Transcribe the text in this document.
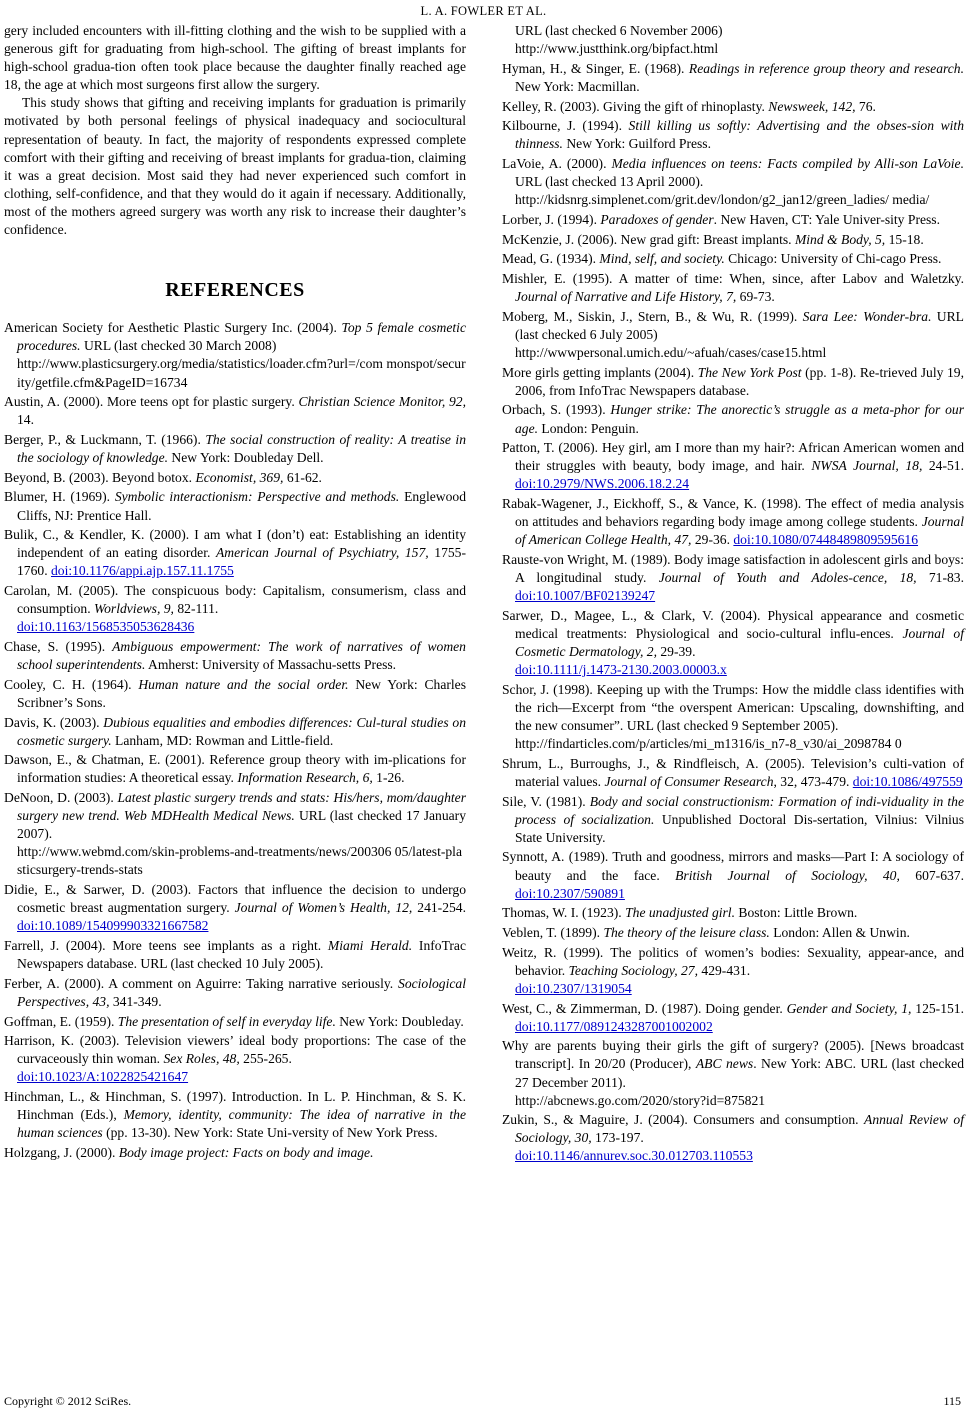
L. A. FOWLER ET AL.

gery included encounters with ill-fitting clothing and the wish to be supplied with a generous gift for graduating from high-school. The gifting of breast implants for high-school gradua-tion often took place because the daughter finally reached age 18, the age at which most surgeons first allow the surgery.

This study shows that gifting and receiving implants for graduation is primarily motivated by both personal feelings of physical inadequacy and sociocultural representation of beauty. In fact, the majority of respondents expressed complete comfort with their gifting and receiving of breast implants for gradua-tion, claiming it was a great decision. Most said they had never experienced such comfort in clothing, self-confidence, and that they would do it again if necessary. Additionally, most of the mothers agreed surgery was worth any risk to increase their daughter’s confidence.

REFERENCES
American Society for Aesthetic Plastic Surgery Inc. (2004). Top 5 female cosmetic procedures. URL (last checked 30 March 2008)
http://www.plasticsurgery.org/media/statistics/loader.cfm?url=/com monspot/security/getfile.cfm&PageID=16734
Austin, A. (2000). More teens opt for plastic surgery. Christian Science Monitor, 92, 14.
Berger, P., & Luckmann, T. (1966). The social construction of reality: A treatise in the sociology of knowledge. New York: Doubleday Dell.
Beyond, B. (2003). Beyond botox. Economist, 369, 61-62.
Blumer, H. (1969). Symbolic interactionism: Perspective and methods. Englewood Cliffs, NJ: Prentice Hall.
Bulik, C., & Kendler, K. (2000). I am what I (don’t) eat: Establishing an identity independent of an eating disorder. American Journal of Psychiatry, 157, 1755-1760. doi:10.1176/appi.ajp.157.11.1755
Carolan, M. (2005). The conspicuous body: Capitalism, consumerism, class and consumption. Worldviews, 9, 82-111.
doi:10.1163/1568535053628436
Chase, S. (1995). Ambiguous empowerment: The work of narratives of women school superintendents. Amherst: University of Massachu-setts Press.
Cooley, C. H. (1964). Human nature and the social order. New York: Charles Scribner’s Sons.
Davis, K. (2003). Dubious equalities and embodies differences: Cul-tural studies on cosmetic surgery. Lanham, MD: Rowman and Little-field.
Dawson, E., & Chatman, E. (2001). Reference group theory with im-plications for information studies: A theoretical essay. Information Research, 6, 1-26.
DeNoon, D. (2003). Latest plastic surgery trends and stats: His/hers, mom/daughter surgery new trend. Web MDHealth Medical News. URL (last checked 17 January 2007).
http://www.webmd.com/skin-problems-and-treatments/news/200306 05/latest-plasticsurgery-trends-stats
Didie, E., & Sarwer, D. (2003). Factors that influence the decision to undergo cosmetic breast augmentation surgery. Journal of Women’s Health, 12, 241-254. doi:10.1089/154099903321667582
Farrell, J. (2004). More teens see implants as a right. Miami Herald. InfoTrac Newspapers database. URL (last checked 10 July 2005).
Ferber, A. (2000). A comment on Aguirre: Taking narrative seriously. Sociological Perspectives, 43, 341-349.
Goffman, E. (1959). The presentation of self in everyday life. New York: Doubleday.
Harrison, K. (2003). Television viewers’ ideal body proportions: The case of the curvaceously thin woman. Sex Roles, 48, 255-265.
doi:10.1023/A:1022825421647
Hinchman, L., & Hinchman, S. (1997). Introduction. In L. P. Hinchman, & S. K. Hinchman (Eds.), Memory, identity, community: The idea of narrative in the human sciences (pp. 13-30). New York: State Uni-versity of New York Press.
Holzgang, J. (2000). Body image project: Facts on body and image.
URL (last checked 6 November 2006)
http://www.justthink.org/bipfact.html
Hyman, H., & Singer, E. (1968). Readings in reference group theory and research. New York: Macmillan.
Kelley, R. (2003). Giving the gift of rhinoplasty. Newsweek, 142, 76.
Kilbourne, J. (1994). Still killing us softly: Advertising and the obses-sion with thinness. New York: Guilford Press.
LaVoie, A. (2000). Media influences on teens: Facts compiled by Alli-son LaVoie. URL (last checked 13 April 2000).
http://kidsnrg.simplenet.com/grit.dev/london/g2_jan12/green_ladies/ media/
Lorber, J. (1994). Paradoxes of gender. New Haven, CT: Yale Univer-sity Press.
McKenzie, J. (2006). New grad gift: Breast implants. Mind & Body, 5, 15-18.
Mead, G. (1934). Mind, self, and society. Chicago: University of Chi-cago Press.
Mishler, E. (1995). A matter of time: When, since, after Labov and Waletzky. Journal of Narrative and Life History, 7, 69-73.
Moberg, M., Siskin, J., Stern, B., & Wu, R. (1999). Sara Lee: Wonder-bra. URL (last checked 6 July 2005)
http://wwwpersonal.umich.edu/~afuah/cases/case15.html
More girls getting implants (2004). The New York Post (pp. 1-8). Re-trieved July 19, 2006, from InfoTrac Newspapers database.
Orbach, S. (1993). Hunger strike: The anorectic’s struggle as a meta-phor for our age. London: Penguin.
Patton, T. (2006). Hey girl, am I more than my hair?: African American women and their struggles with beauty, body image, and hair. NWSA Journal, 18, 24-51. doi:10.2979/NWS.2006.18.2.24
Rabak-Wagener, J., Eickhoff, S., & Vance, K. (1998). The effect of media analysis on attitudes and behaviors regarding body image among college students. Journal of American College Health, 47, 29-36. doi:10.1080/07448489809595616
Rauste-von Wright, M. (1989). Body image satisfaction in adolescent girls and boys: A longitudinal study. Journal of Youth and Adoles-cence, 18, 71-83. doi:10.1007/BF02139247
Sarwer, D., Magee, L., & Clark, V. (2004). Physical appearance and cosmetic medical treatments: Physiological and socio-cultural influ-ences. Journal of Cosmetic Dermatology, 2, 29-39.
doi:10.1111/j.1473-2130.2003.00003.x
Schor, J. (1998). Keeping up with the Trumps: How the middle class identifies with the rich—Excerpt from “the overspent American: Upscaling, downshifting, and the new consumer”. URL (last checked 9 September 2005).
http://findarticles.com/p/articles/mi_m1316/is_n7-8_v30/ai_2098784 0
Shrum, L., Burroughs, J., & Rindfleisch, A. (2005). Television’s culti-vation of material values. Journal of Consumer Research, 32, 473-479. doi:10.1086/497559
Sile, V. (1981). Body and social constructionism: Formation of indi-viduality in the process of socialization. Unpublished Doctoral Dis-sertation, Vilnius: Vilnius State University.
Synnott, A. (1989). Truth and goodness, mirrors and masks—Part I: A sociology of beauty and the face. British Journal of Sociology, 40, 607-637. doi:10.2307/590891
Thomas, W. I. (1923). The unadjusted girl. Boston: Little Brown.
Veblen, T. (1899). The theory of the leisure class. London: Allen & Unwin.
Weitz, R. (1999). The politics of women’s bodies: Sexuality, appear-ance, and behavior. Teaching Sociology, 27, 429-431.
doi:10.2307/1319054
West, C., & Zimmerman, D. (1987). Doing gender. Gender and Society, 1, 125-151. doi:10.1177/0891243287001002002
Why are parents buying their girls the gift of surgery? (2005). [News broadcast transcript]. In 20/20 (Producer), ABC news. New York: ABC. URL (last checked 27 December 2011).
http://abcnews.go.com/2020/story?id=875821
Zukin, S., & Maguire, J. (2004). Consumers and consumption. Annual Review of Sociology, 30, 173-197.
doi:10.1146/annurev.soc.30.012703.110553
Copyright © 2012 SciRes.	115
